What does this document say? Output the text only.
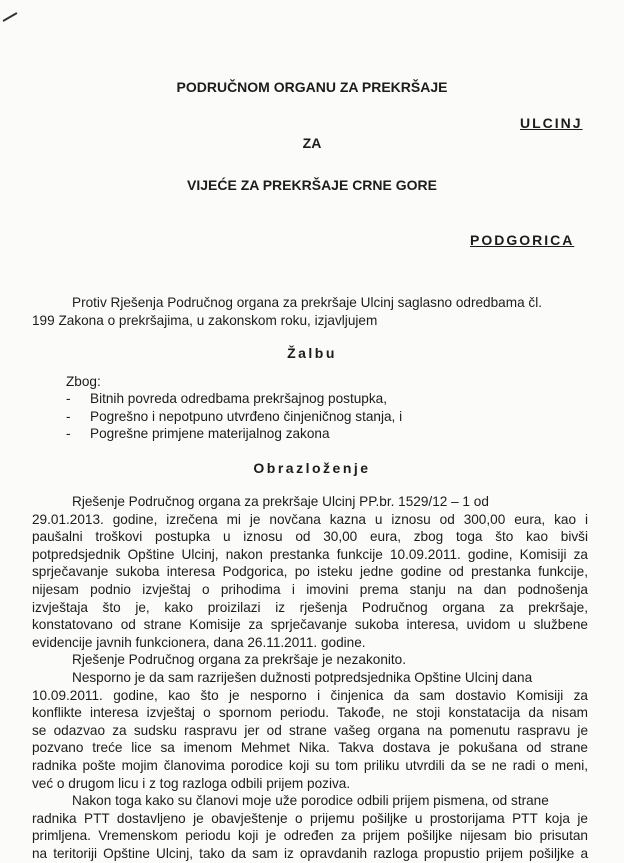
PODRUČNOM ORGANU ZA PREKRŠAJE
ULCINJ
ZA
VIJEĆE ZA PREKRŠAJE CRNE GORE
PODGORICA
Protiv Rješenja Područnog organa za prekršaje Ulcinj saglasno odredbama čl.
199 Zakona o prekršajima, u zakonskom roku, izjavljujem
Žalbu
Zbog:
- Bitnih povreda odredbama prekršajnog postupka,
- Pogrešno i nepotpuno utvrđeno činjeničnog stanja, i
- Pogrešne primjene materijalnog zakona
Obrazloženje
Rješenje Područnog organa za prekršaje Ulcinj PP.br. 1529/12 – 1 od
29.01.2013. godine, izrečena mi je novčana kazna u iznosu od 300,00 eura, kao i
paušalni troškovi postupka u iznosu od 30,00 eura, zbog toga što kao bivši
potpredsjednik Opštine Ulcinj, nakon prestanka funkcije 10.09.2011. godine, Komisiji za
sprječavanje sukoba interesa Podgorica, po isteku jedne godine od prestanka funkcije,
nijesam podnio izvještaj o prihodima i imovini prema stanju na dan podnošenja
izvještaja što je, kako proizilazi iz rješenja Područnog organa za prekršaje,
konstatovano od strane Komisije za sprječavanje sukoba interesa, uvidom u službene
evidencije javnih funkcionera, dana 26.11.2011. godine.
Rješenje Područnog organa za prekršaje je nezakonito.
Nesporno je da sam razriješen dužnosti potpredsjednika Opštine Ulcinj dana
10.09.2011. godine, kao što je nesporno i činjenica da sam dostavio Komisiji za
konflikte interesa izvještaj o spornom periodu. Takođe, ne stoji konstatacija da nisam
se odazvao za sudsku raspravu jer od strane vašeg organa na pomenutu raspravu je
pozvano treće lice sa imenom Mehmet Nika. Takva dostava je pokušana od strane
radnika pošte mojim članovima porodice koji su tom priliku utvrdili da se ne radi o meni,
već o drugom licu i z tog razloga odbili prijem poziva.
Nakon toga kako su članovi moje uže porodice odbili prijem pismena, od strane
radnika PTT dostavljeno je obavještenje o prijemu pošiljke u prostorijama PTT koja je
primljena. Vremenskom periodu koji je određen za prijem pošiljke nijesam bio prisutan
na teritoriji Opštine Ulcinj, tako da sam iz opravdanih razloga propustio prijem pošiljke a
